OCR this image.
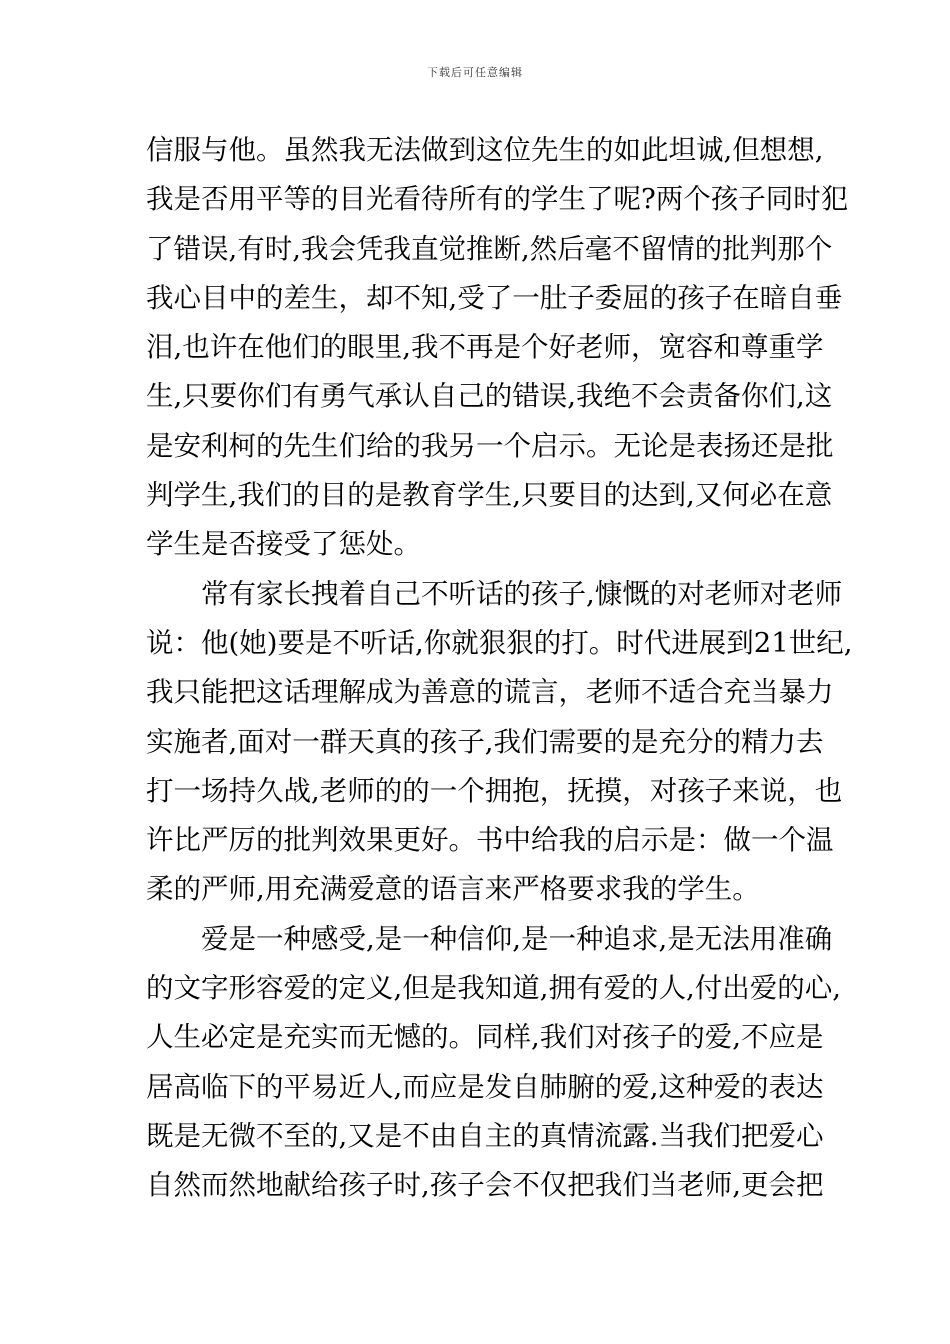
下载后可任意编辑
信服与他。虽然我无法做到这位先生的如此坦诚,但想想,
我是否用平等的目光看待所有的学生了呢?两个孩子同时犯
了错误,有时,我会凭我直觉推断,然后毫不留情的批判那个
我心目中的差生，却不知,受了一肚子委屈的孩子在暗自垂
泪,也许在他们的眼里,我不再是个好老师，宽容和尊重学
生,只要你们有勇气承认自己的错误,我绝不会责备你们,这
是安利柯的先生们给的我另一个启示。无论是表扬还是批
判学生,我们的目的是教育学生,只要目的达到,又何必在意
学生是否接受了惩处。
常有家长拽着自己不听话的孩子,慷慨的对老师对老师
说：他(她)要是不听话,你就狠狠的打。时代进展到21世纪,
我只能把这话理解成为善意的谎言，老师不适合充当暴力
实施者,面对一群天真的孩子,我们需要的是充分的精力去
打一场持久战,老师的的一个拥抱，抚摸，对孩子来说，也
许比严厉的批判效果更好。书中给我的启示是：做一个温
柔的严师,用充满爱意的语言来严格要求我的学生。
爱是一种感受,是一种信仰,是一种追求,是无法用准确
的文字形容爱的定义,但是我知道,拥有爱的人,付出爱的心,
人生必定是充实而无憾的。同样,我们对孩子的爱,不应是
居高临下的平易近人,而应是发自肺腑的爱,这种爱的表达
既是无微不至的,又是不由自主的真情流露.当我们把爱心
自然而然地献给孩子时,孩子会不仅把我们当老师,更会把
